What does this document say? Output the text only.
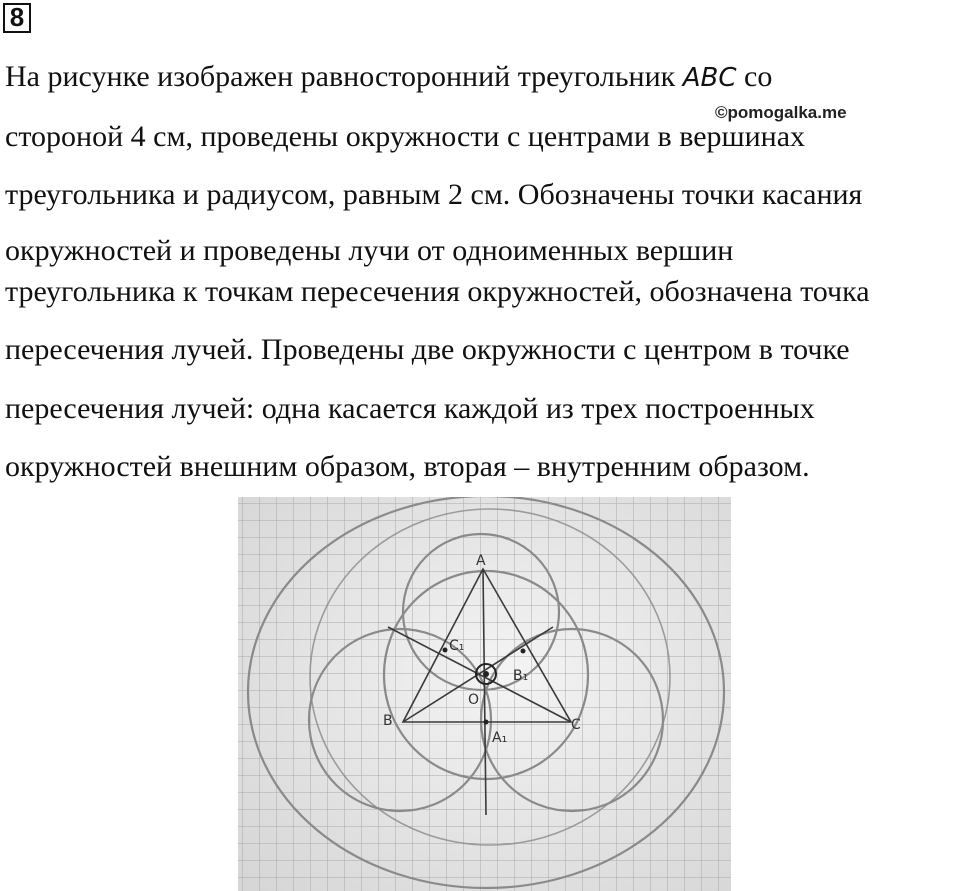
8
На рисунке изображен равносторонний треугольник ABC со
стороной 4 см, проведены окружности с центрами в вершинах
треугольника и радиусом, равным 2 см. Обозначены точки касания
окружностей и проведены лучи от одноименных вершин
треугольника к точкам пересечения окружностей, обозначена точка
пересечения лучей. Проведены две окружности с центром в точке
пересечения лучей: одна касается каждой из трех построенных
окружностей внешним образом, вторая – внутренним образом.
©pomogalka.me
A
B	C
A₁
B₁
C₁
O
